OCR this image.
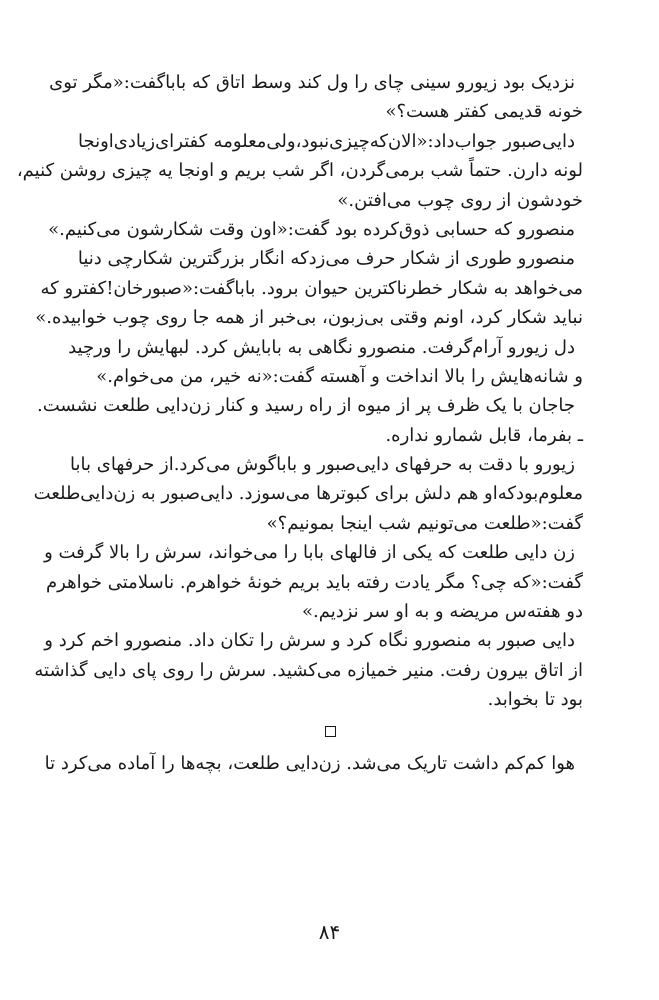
نزدیک بود زیورو سینی چای را ول کند وسط اتاق که باباگفت:«مگر توی
خونه قدیمی کفتر هست؟»
دایی‌صبور جواب‌داد:«الان‌که‌چیزی‌نبود،ولی‌معلومه کفترای‌زیادی‌اونجا
لونه دارن. حتماً شب برمی‌گردن، اگر شب بریم و اونجا یه چیزی روشن کنیم،
خودشون از روی چوب می‌افتن.»
منصورو که حسابی ذوق‌کرده بود گفت:«اون وقت شکارشون می‌کنیم.»
منصورو طوری از شکار حرف می‌زدکه انگار بزرگترین شکارچی دنیا
می‌خواهد به شکار خطرناکترین حیوان برود. باباگفت:«صبورخان!کفترو که
نباید شکار کرد، اونم وقتی بی‌زبون، بی‌خبر از همه جا روی چوب خوابیده.»
دل زیورو آرام‌گرفت. منصورو نگاهی به بابایش کرد. لبهایش را ورچید
و شانه‌هایش را بالا انداخت و آهسته گفت:«نه خیر، من می‌خوام.»
جاجان با یک ظرف پر از میوه از راه رسید و کنار زن‌دایی طلعت نشست.
ـ بفرما، قابل شمارو نداره.
زیورو با دقت به حرفهای دایی‌صبور و باباگوش می‌کرد.از حرفهای بابا
معلوم‌بودکه‌او هم دلش برای کبوترها می‌سوزد. دایی‌صبور به زن‌دایی‌طلعت
گفت:«طلعت می‌تونیم شب اینجا بمونیم؟»
زن دایی طلعت که یکی از فالهای بابا را می‌خواند، سرش را بالا گرفت و
گفت:«که چی؟ مگر یادت رفته باید بریم خونهٔ خواهرم. ناسلامتی خواهرم
دو هفته‌س مریضه و به او سر نزدیم.»
دایی صبور به منصورو نگاه کرد و سرش را تکان داد. منصورو اخم کرد و
از اتاق بیرون رفت. منیر خمیازه می‌کشید. سرش را روی پای دایی گذاشته
بود تا بخوابد.
هوا کم‌کم داشت تاریک می‌شد. زن‌دایی طلعت، بچه‌ها را آماده می‌کرد تا
۸۴
